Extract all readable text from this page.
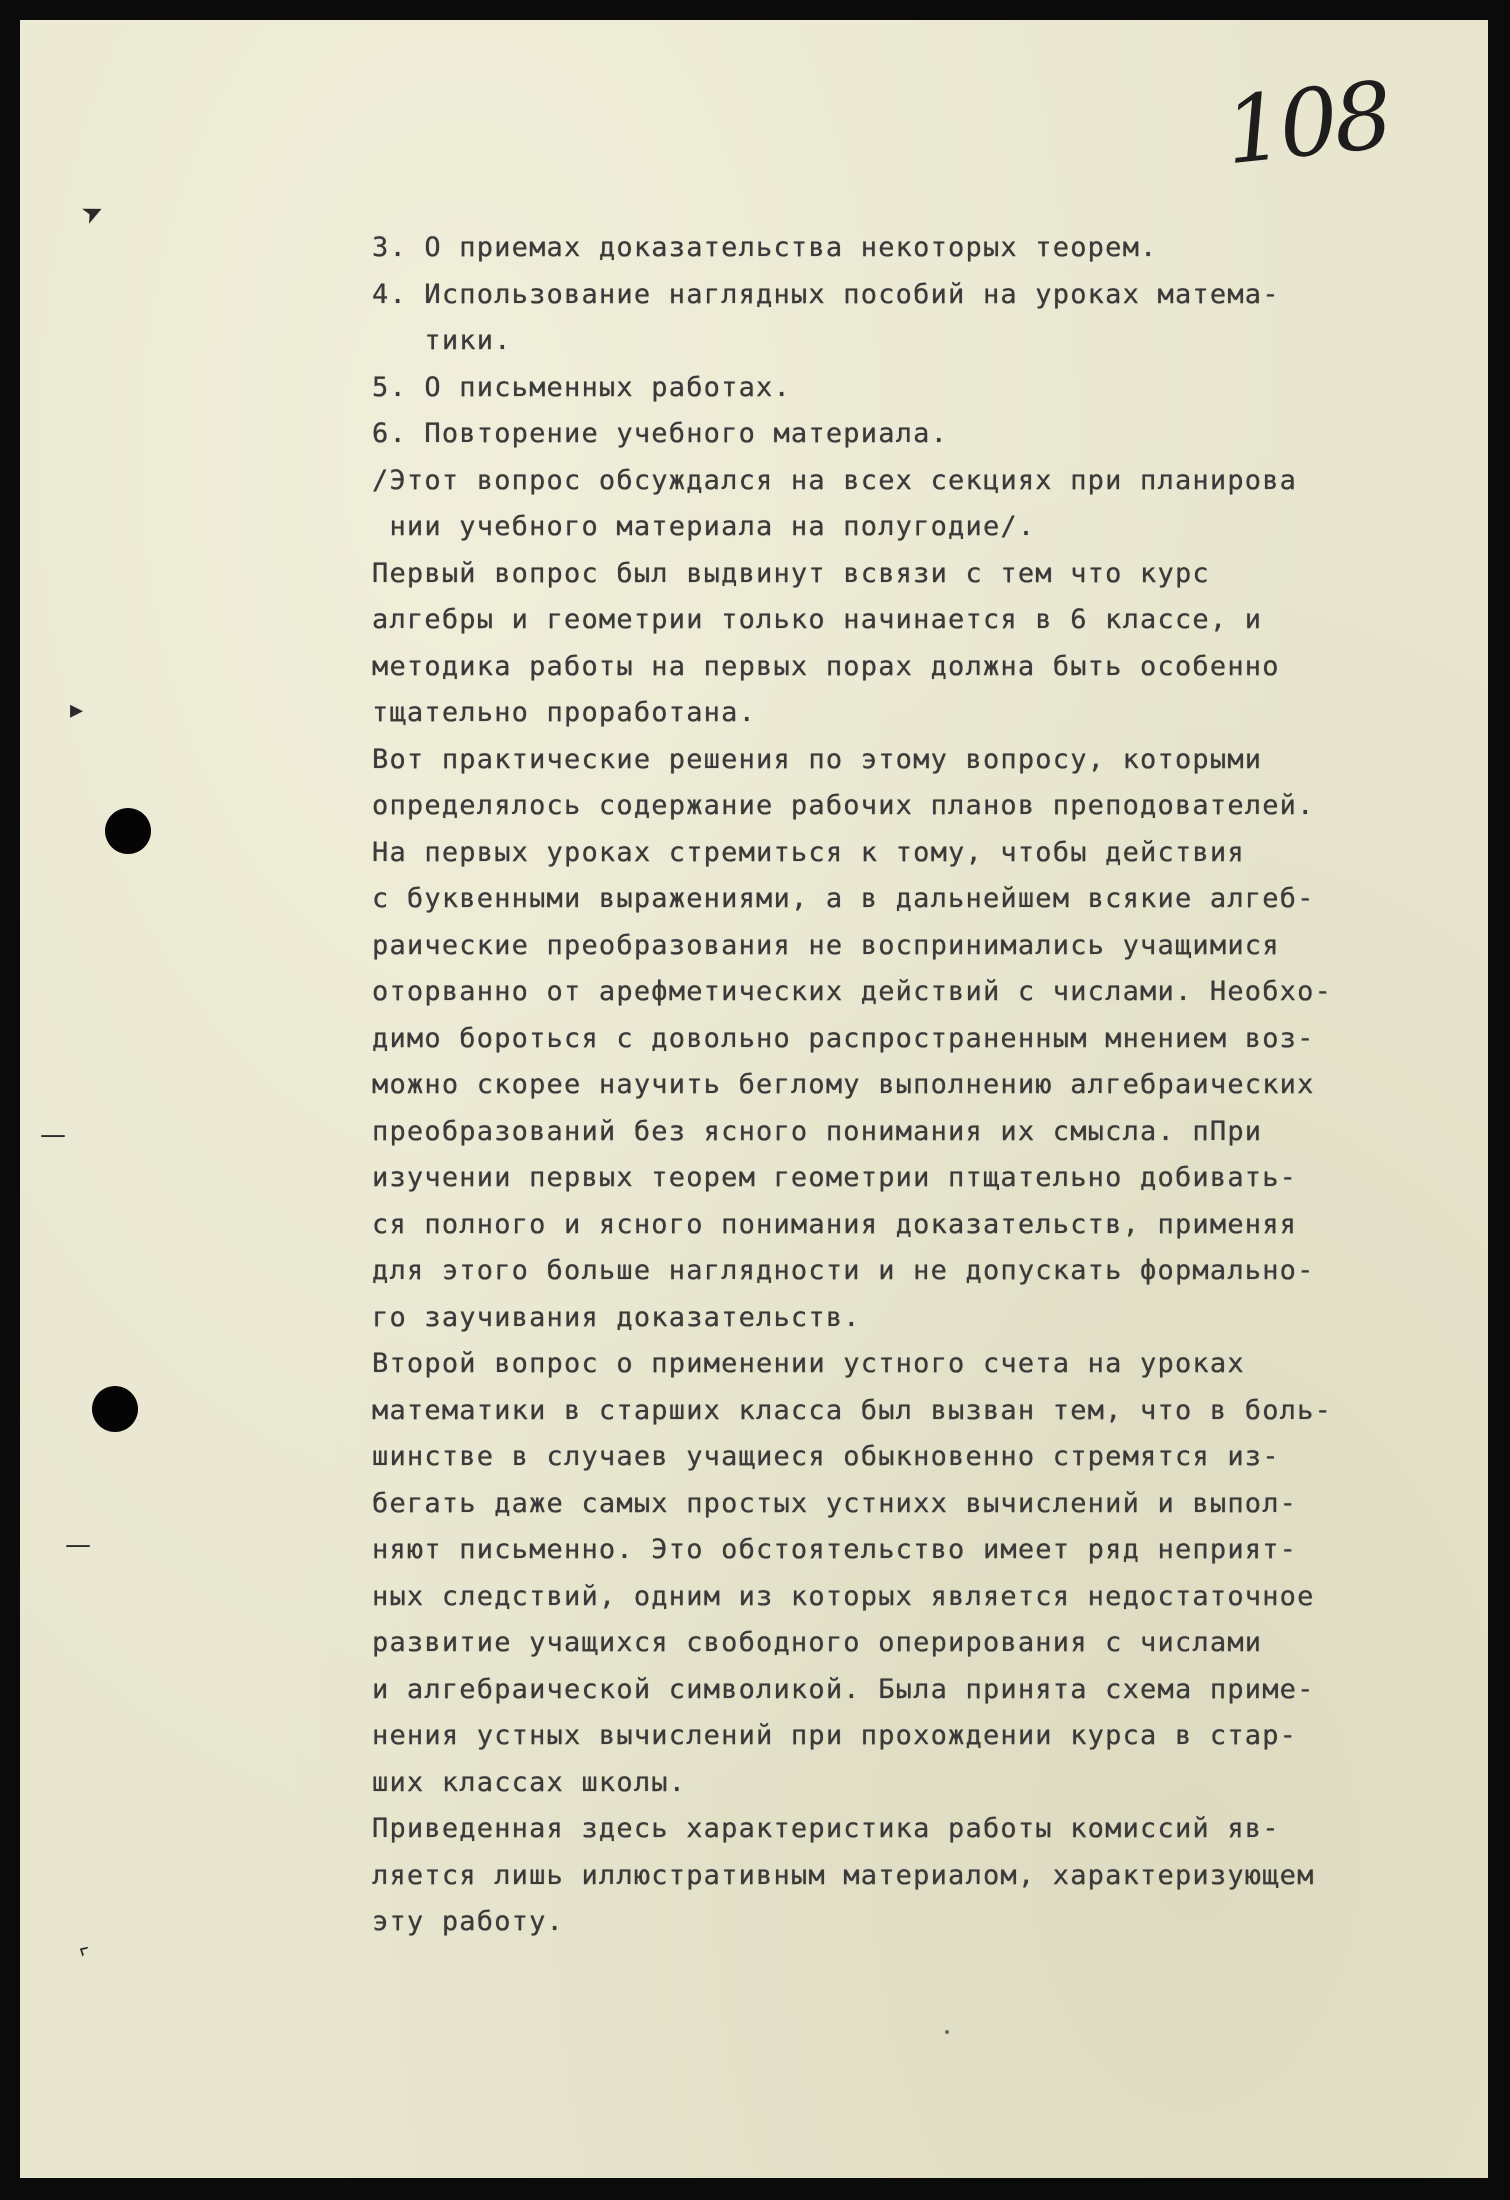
108
➤
▸
—
—
‹
3. О приемах доказательства некоторых теорем.
4. Использование наглядных пособий на уроках матема-
тики.
5. О письменных работах.
6. Повторение учебного материала.
/Этот вопрос обсуждался на всех секциях при планирова
нии учебного материала на полугодие/.
Первый вопрос был выдвинут всвязи с тем что курс
алгебры и геометрии только начинается в 6 классе, и
методика работы на первых порах должна быть особенно
тщательно проработана.
Вот практические решения по этому вопросу, которыми
определялось содержание рабочих планов преподователей.
На первых уроках стремиться к тому, чтобы действия
с буквенными выражениями, а в дальнейшем всякие алгеб-
раические преобразования не воспринимались учащимися
оторванно от арефметических действий с числами. Необхо-
димо бороться с довольно распространенным мнением воз-
можно скорее научить беглому выполнению алгебраических
преобразований без ясного понимания их смысла. пПри
изучении первых теорем геометрии птщательно добивать-
ся полного и ясного понимания доказательств, применяя
для этого больше наглядности и не допускать формально-
го заучивания доказательств.
Второй вопрос о применении устного счета на уроках
математики в старших класса был вызван тем, что в боль-
шинстве в случаев учащиеся обыкновенно стремятся из-
бегать даже самых простых устнихх вычислений и выпол-
няют письменно. Это обстоятельство имеет ряд неприят-
ных следствий, одним из которых является недостаточное
развитие учащихся свободного оперирования с числами
и алгебраической символикой. Была принята схема приме-
нения устных вычислений при прохождении курса в стар-
ших классах школы.
Приведенная здесь характеристика работы комиссий яв-
ляется лишь иллюстративным материалом, характеризующем
эту работу.
